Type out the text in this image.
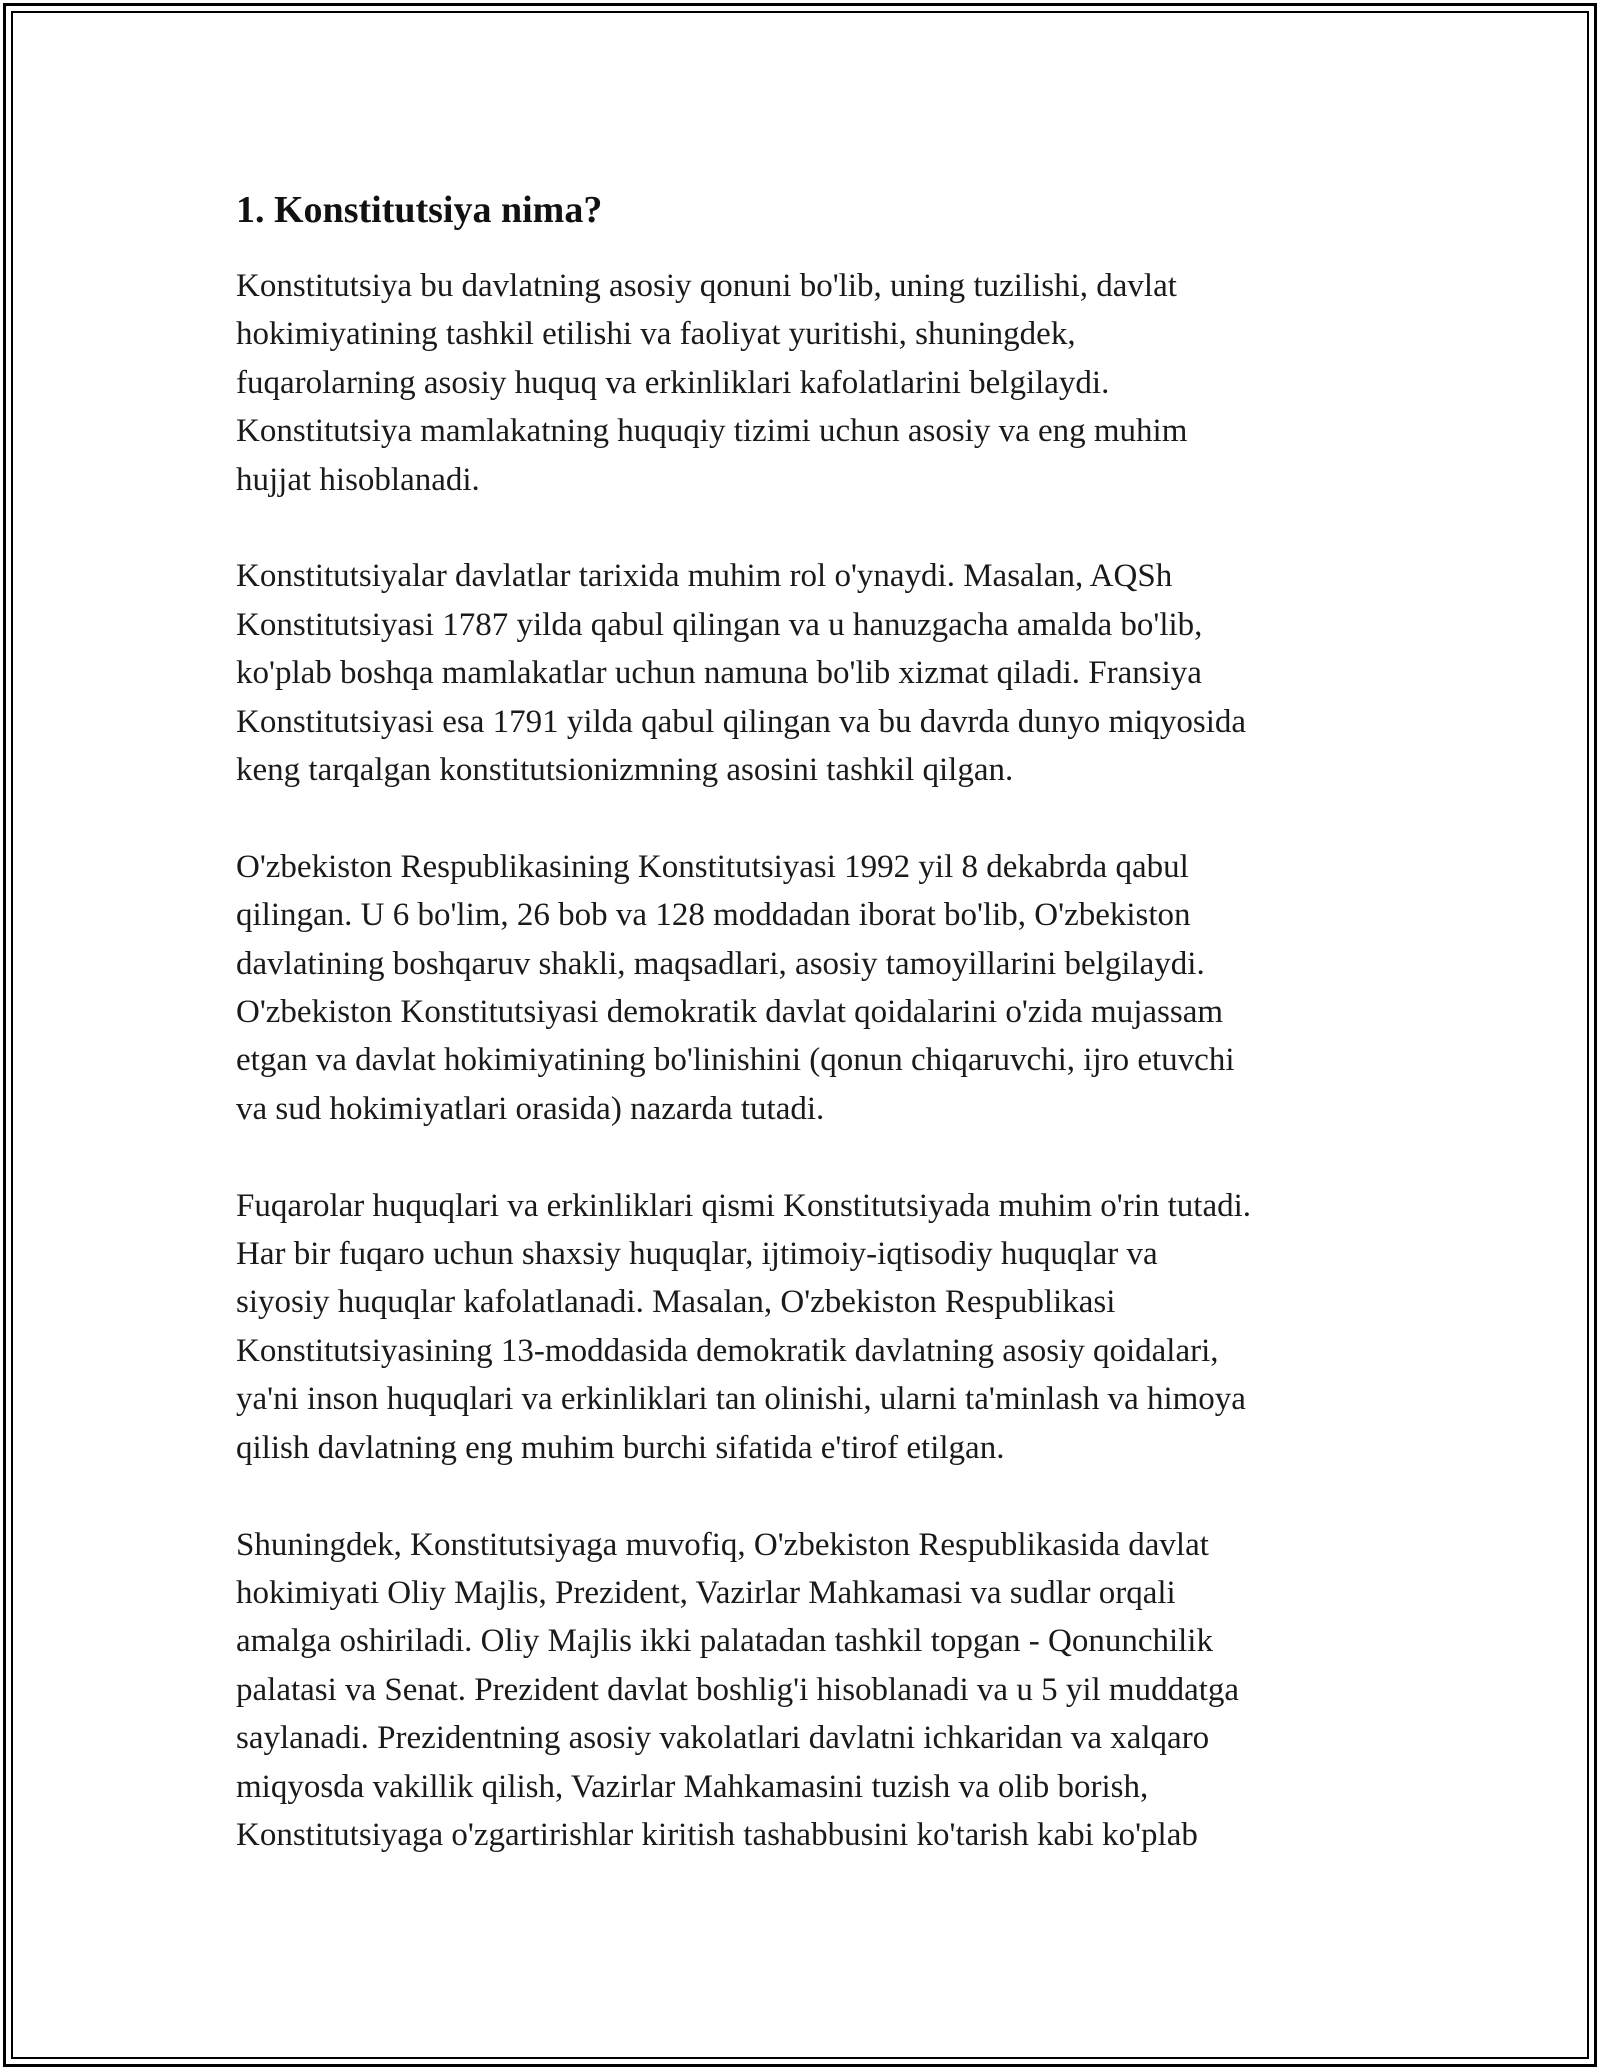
1. Konstitutsiya nima?

Konstitutsiya bu davlatning asosiy qonuni bo'lib, uning tuzilishi, davlat
hokimiyatining tashkil etilishi va faoliyat yuritishi, shuningdek,
fuqarolarning asosiy huquq va erkinliklari kafolatlarini belgilaydi.
Konstitutsiya mamlakatning huquqiy tizimi uchun asosiy va eng muhim
hujjat hisoblanadi.

Konstitutsiyalar davlatlar tarixida muhim rol o'ynaydi. Masalan, AQSh
Konstitutsiyasi 1787 yilda qabul qilingan va u hanuzgacha amalda bo'lib,
ko'plab boshqa mamlakatlar uchun namuna bo'lib xizmat qiladi. Fransiya
Konstitutsiyasi esa 1791 yilda qabul qilingan va bu davrda dunyo miqyosida
keng tarqalgan konstitutsionizmning asosini tashkil qilgan.

O'zbekiston Respublikasining Konstitutsiyasi 1992 yil 8 dekabrda qabul
qilingan. U 6 bo'lim, 26 bob va 128 moddadan iborat bo'lib, O'zbekiston
davlatining boshqaruv shakli, maqsadlari, asosiy tamoyillarini belgilaydi.
O'zbekiston Konstitutsiyasi demokratik davlat qoidalarini o'zida mujassam
etgan va davlat hokimiyatining bo'linishini (qonun chiqaruvchi, ijro etuvchi
va sud hokimiyatlari orasida) nazarda tutadi.

Fuqarolar huquqlari va erkinliklari qismi Konstitutsiyada muhim o'rin tutadi.
Har bir fuqaro uchun shaxsiy huquqlar, ijtimoiy-iqtisodiy huquqlar va
siyosiy huquqlar kafolatlanadi. Masalan, O'zbekiston Respublikasi
Konstitutsiyasining 13-moddasida demokratik davlatning asosiy qoidalari,
ya'ni inson huquqlari va erkinliklari tan olinishi, ularni ta'minlash va himoya
qilish davlatning eng muhim burchi sifatida e'tirof etilgan.

Shuningdek, Konstitutsiyaga muvofiq, O'zbekiston Respublikasida davlat
hokimiyati Oliy Majlis, Prezident, Vazirlar Mahkamasi va sudlar orqali
amalga oshiriladi. Oliy Majlis ikki palatadan tashkil topgan - Qonunchilik
palatasi va Senat. Prezident davlat boshlig'i hisoblanadi va u 5 yil muddatga
saylanadi. Prezidentning asosiy vakolatlari davlatni ichkaridan va xalqaro
miqyosda vakillik qilish, Vazirlar Mahkamasini tuzish va olib borish,
Konstitutsiyaga o'zgartirishlar kiritish tashabbusini ko'tarish kabi ko'plab
